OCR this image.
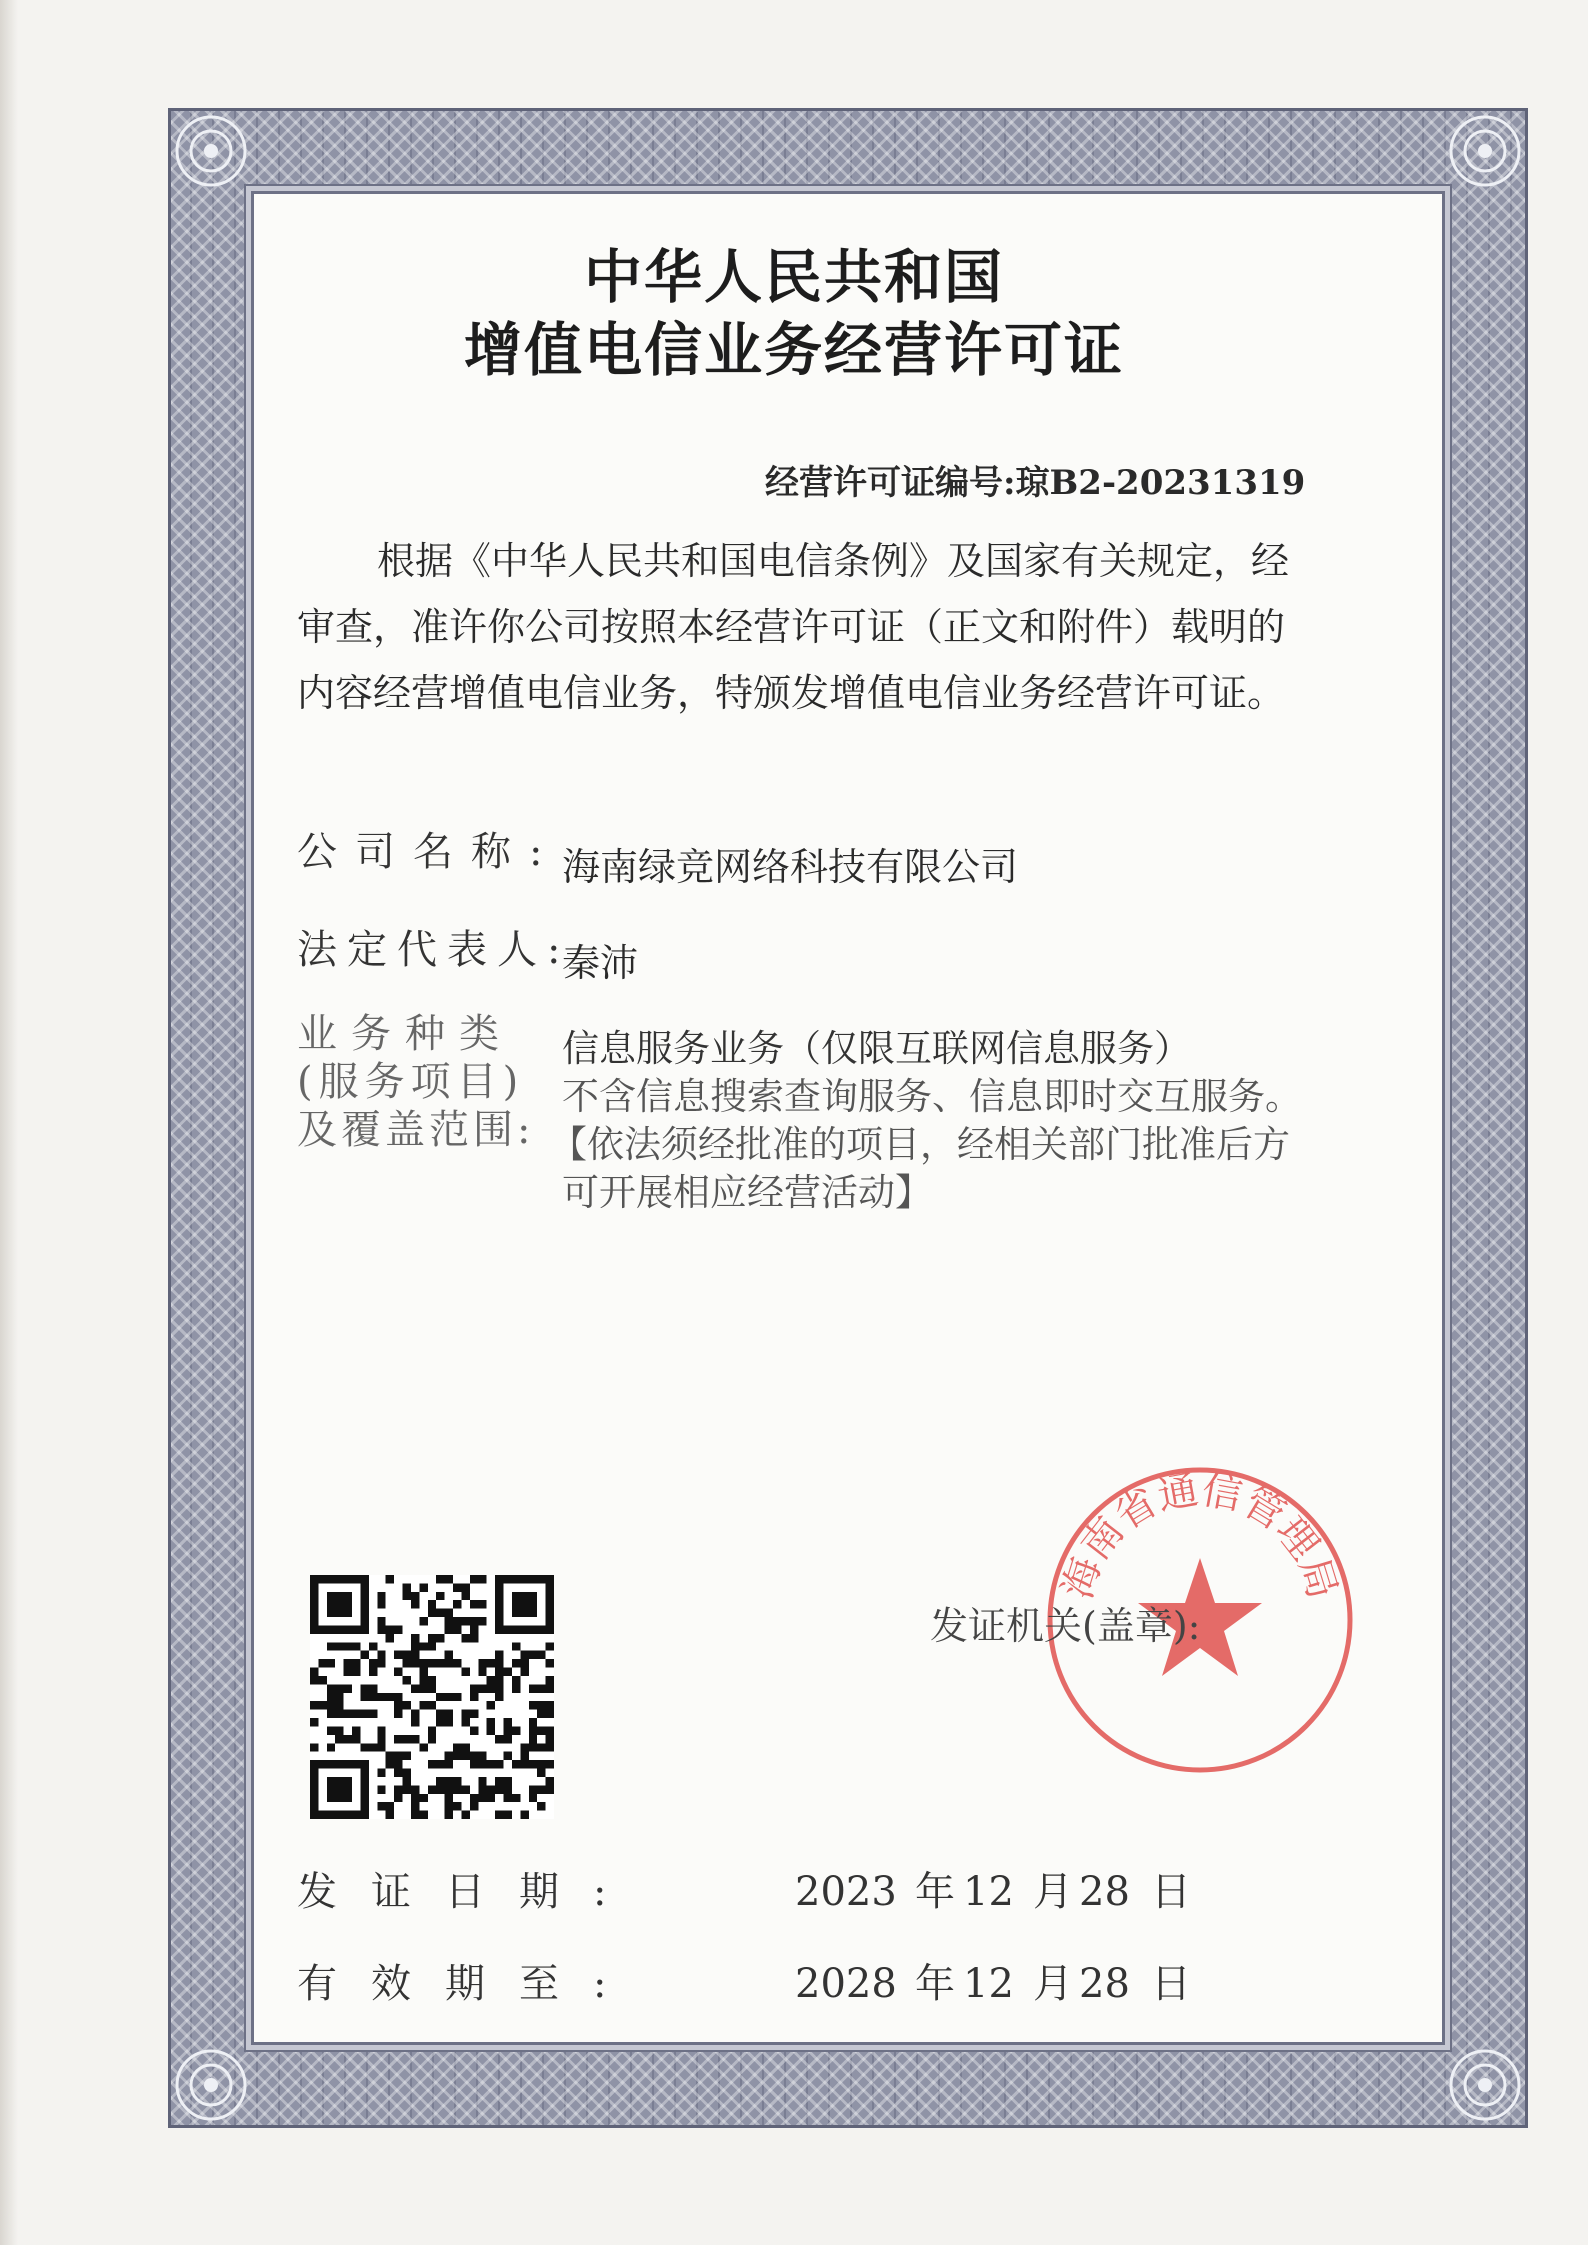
中华人民共和国
增值电信业务经营许可证
经营许可证编号:琼B2-20231319

根据《中华人民共和国电信条例》及国家有关规定，经

审查，准许你公司按照本经营许可证（正文和附件）载明的

内容经营增值电信业务，特颁发增值电信业务经营许可证。

公司名称: 海南绿竞网络科技有限公司
法定代表人:
秦沛
业务种类
(服务项目)
及覆盖范围:
信息服务业务（仅限互联网信息服务）
不含信息搜索查询服务、信息即时交互服务。
【依法须经批准的项目，经相关部门批准后方
可开展相应经营活动】
海南省通信管理局
发证机关(盖章):
发证日期:	2023 年 12 月 28 日
有效期至:	2028 年 12 月 28 日
